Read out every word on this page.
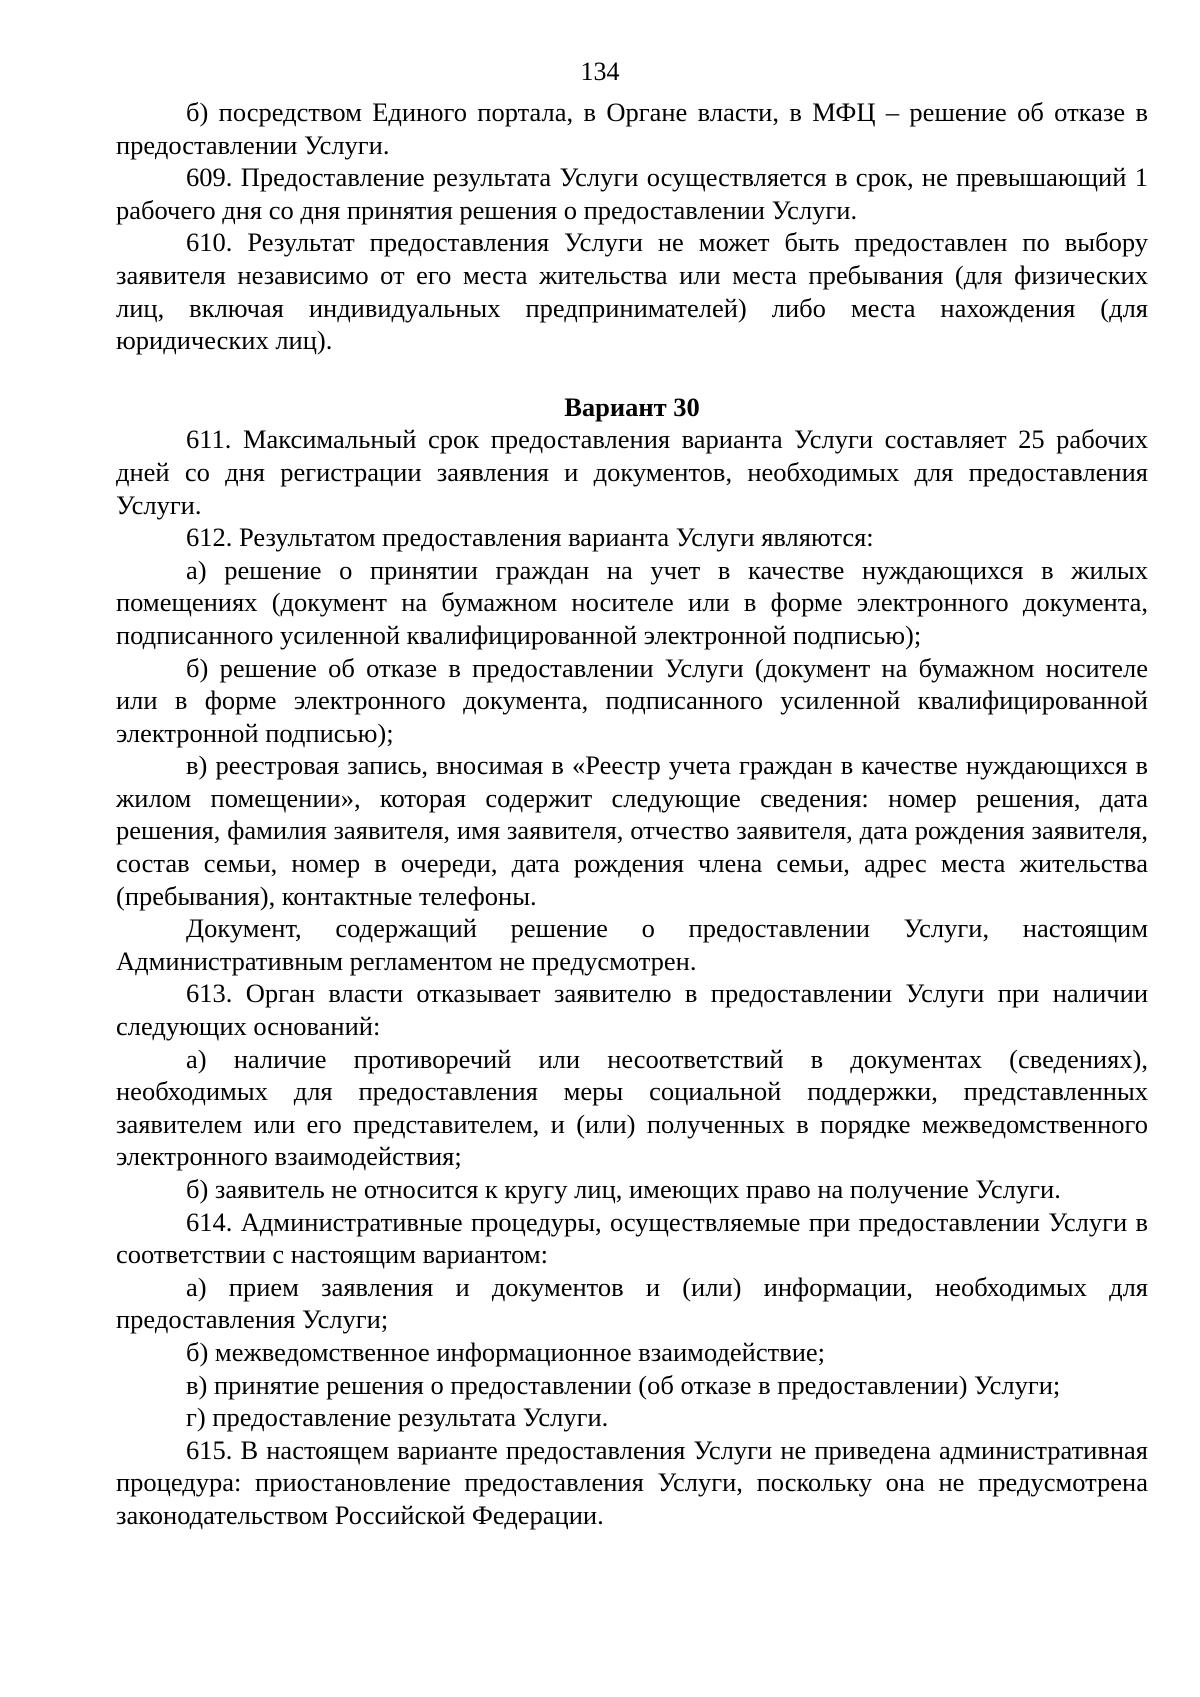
134

б) посредством Единого портала, в Органе власти, в МФЦ – решение об отказе в предоставлении Услуги.

609. Предоставление результата Услуги осуществляется в срок, не превышающий 1 рабочего дня со дня принятия решения о предоставлении Услуги.

610. Результат предоставления Услуги не может быть предоставлен по выбору заявителя независимо от его места жительства или места пребывания (для физических лиц, включая индивидуальных предпринимателей) либо места нахождения (для юридических лиц).

Вариант 30

611. Максимальный срок предоставления варианта Услуги составляет 25 рабочих дней со дня регистрации заявления и документов, необходимых для предоставления Услуги.

612. Результатом предоставления варианта Услуги являются:

а) решение о принятии граждан на учет в качестве нуждающихся в жилых помещениях (документ на бумажном носителе или в форме электронного документа, подписанного усиленной квалифицированной электронной подписью);

б) решение об отказе в предоставлении Услуги (документ на бумажном носителе или в форме электронного документа, подписанного усиленной квалифицированной электронной подписью);

в) реестровая запись, вносимая в «Реестр учета граждан в качестве нуждающихся в жилом помещении», которая содержит следующие сведения: номер решения, дата решения, фамилия заявителя, имя заявителя, отчество заявителя, дата рождения заявителя, состав семьи, номер в очереди, дата рождения члена семьи, адрес места жительства (пребывания), контактные телефоны.

Документ, содержащий решение о предоставлении Услуги, настоящим Административным регламентом не предусмотрен.

613. Орган власти отказывает заявителю в предоставлении Услуги при наличии следующих оснований:

а) наличие противоречий или несоответствий в документах (сведениях), необходимых для предоставления меры социальной поддержки, представленных заявителем или его представителем, и (или) полученных в порядке межведомственного электронного взаимодействия;

б) заявитель не относится к кругу лиц, имеющих право на получение Услуги.

614. Административные процедуры, осуществляемые при предоставлении Услуги в соответствии с настоящим вариантом:

а) прием заявления и документов и (или) информации, необходимых для предоставления Услуги;

б) межведомственное информационное взаимодействие;

в) принятие решения о предоставлении (об отказе в предоставлении) Услуги;

г) предоставление результата Услуги.

615. В настоящем варианте предоставления Услуги не приведена административная процедура: приостановление предоставления Услуги, поскольку она не предусмотрена законодательством Российской Федерации.
